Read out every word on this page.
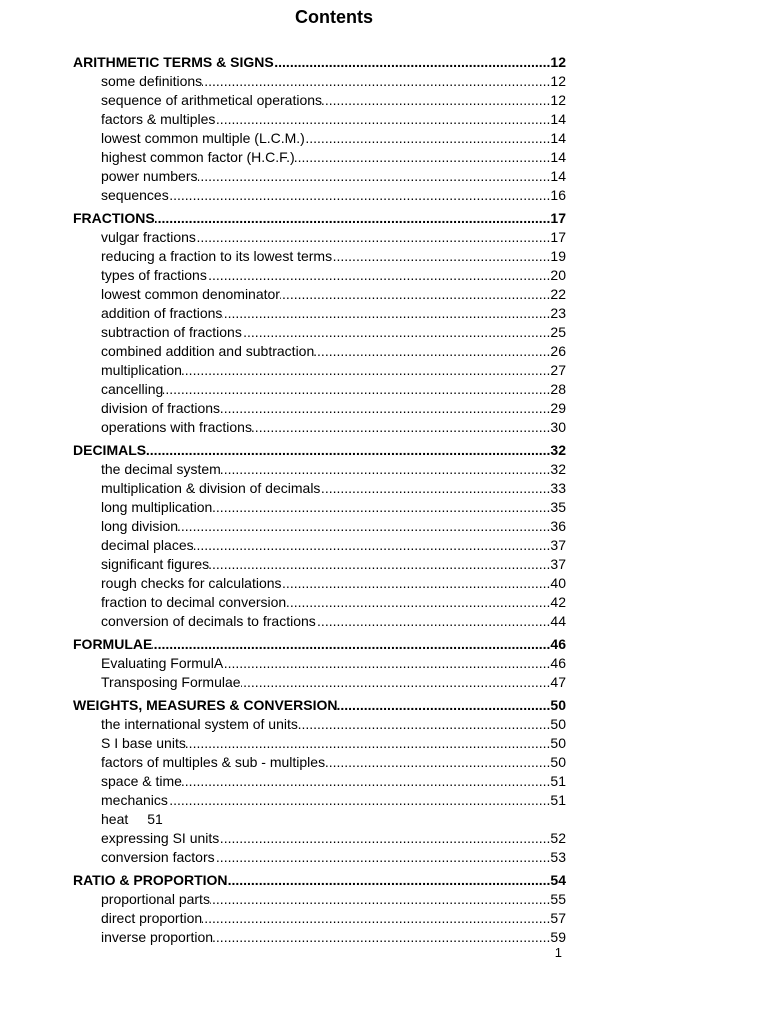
Contents
ARITHMETIC TERMS & SIGNS .....	12
some definitions .....	12
sequence of arithmetical operations .....	12
factors & multiples .....	14
lowest common multiple (L.C.M.) .....	14
highest common factor (H.C.F.) .....	14
power numbers .....	14
sequences .....	16
FRACTIONS .....	17
vulgar fractions .....	17
reducing a fraction to its lowest terms .....	19
types of fractions .....	20
lowest common denominator .....	22
addition of fractions .....	23
subtraction of fractions .....	25
combined addition and subtraction .....	26
multiplication .....	27
cancelling .....	28
division of fractions .....	29
operations with fractions .....	30
DECIMALS .....	32
the decimal system .....	32
multiplication & division of decimals .....	33
long multiplication .....	35
long division .....	36
decimal places .....	37
significant figures .....	37
rough checks for calculations .....	40
fraction to decimal conversion .....	42
conversion of decimals to fractions .....	44
FORMULAE .....	46
Evaluating FormulA .....	46
Transposing Formulae .....	47
WEIGHTS, MEASURES & CONVERSION .....	50
the international system of units .....	50
S I base units .....	50
factors of multiples & sub - multiples .....	50
space & time .....	51
mechanics .....	51
heat 51
expressing SI units .....	52
conversion factors .....	53
RATIO & PROPORTION .....	54
proportional parts .....	55
direct proportion .....	57
inverse proportion .....	59
1
